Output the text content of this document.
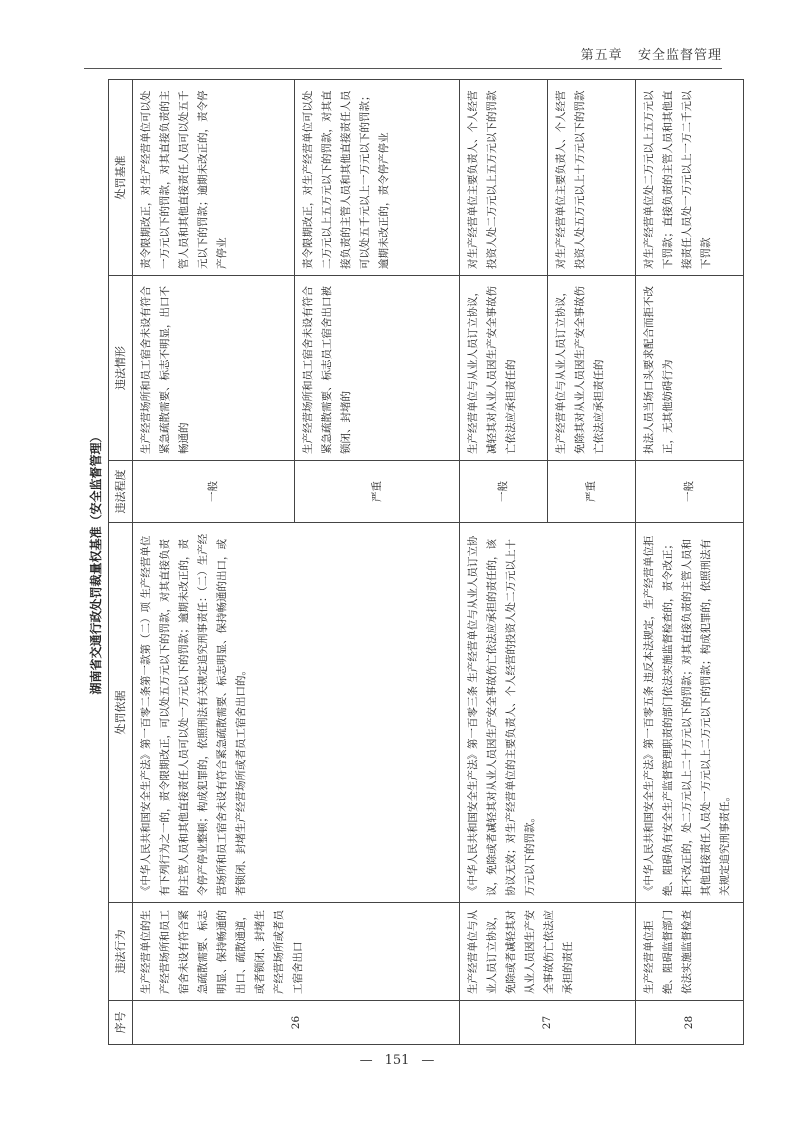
第五章 安全监督管理
湖南省交通行政处罚裁量权基准（安全监督管理）
序号	违法行为	处罚依据	违法程度	违法情形	处罚基准
26	生产经营单位的生产经营场所和员工宿舍未设有符合紧急疏散需要、标志明显、保持畅通的出口、疏散通道，或者锁闭、封堵生产经营场所或者员工宿舍出口	《中华人民共和国安全生产法》第一百零二条第一款第（二）项 生产经营单位有下列行为之一的，责令限期改正，可以处五万元以下的罚款，对其直接负责的主管人员和其他直接责任人员可以处一万元以下的罚款；逾期未改正的，责令停产停业整顿；构成犯罪的，依照刑法有关规定追究刑事责任：（二）生产经营场所和员工宿舍未设有符合紧急疏散需要、标志明显、保持畅通的出口，或者锁闭、封堵生产经营场所或者员工宿舍出口的。	一般	生产经营场所和员工宿舍未设有符合紧急疏散需要、标志不明显，出口不畅通的	责令限期改正，对生产经营单位可以处一万元以下的罚款，对其直接负责的主管人员和其他直接责任人员可以处五千元以下的罚款；逾期未改正的，责令停产停业
			严重	生产经营场所和员工宿舍未设有符合紧急疏散需要、标志员工宿舍出口被锁闭、封堵的	责令限期改正，对生产经营单位可以处二万元以上五万元以下的罚款，对其直接负责的主管人员和其他直接责任人员可以处五千元以上一万元以下的罚款；逾期未改正的，责令停产停业
27	生产经营单位与从业人员订立协议，免除或者减轻其对从业人员因生产安全事故伤亡依法应承担的责任	《中华人民共和国安全生产法》第一百零三条 生产经营单位与从业人员订立协议，免除或者减轻其对从业人员因生产安全事故伤亡依法应承担的责任的，该协议无效；对生产经营单位的主要负责人、个人经营的投资人处二万元以上十万元以下的罚款。	一般	生产经营单位与从业人员订立协议，减轻其对从业人员因生产安全事故伤亡依法应承担责任的	对生产经营单位主要负责人、个人经营投资人处二万元以上五万元以下的罚款
			严重	生产经营单位与从业人员订立协议，免除其对从业人员因生产安全事故伤亡依法应承担责任的	对生产经营单位主要负责人、个人经营投资人处五万元以上十万元以下的罚款
28	生产经营单位拒绝、阻碍监督部门依法实施监督检查	《中华人民共和国安全生产法》第一百零五条 违反本法规定，生产经营单位拒绝、阻碍负有安全生产监督管理职责的部门依法实施监督检查的，责令改正；拒不改正的，处二万元以上二十万元以下的罚款；对其直接负责的主管人员和其他直接责任人员处一万元以上二万元以下的罚款；构成犯罪的，依照刑法有关规定追究刑事责任。	一般	执法人员当场口头要求配合而拒不改正，无其他妨碍行为	对生产经营单位处二万元以上五万元以下罚款；直接负责的主管人员和其他直接责任人员处一万元以上一万二千元以下罚款
— 151 —
